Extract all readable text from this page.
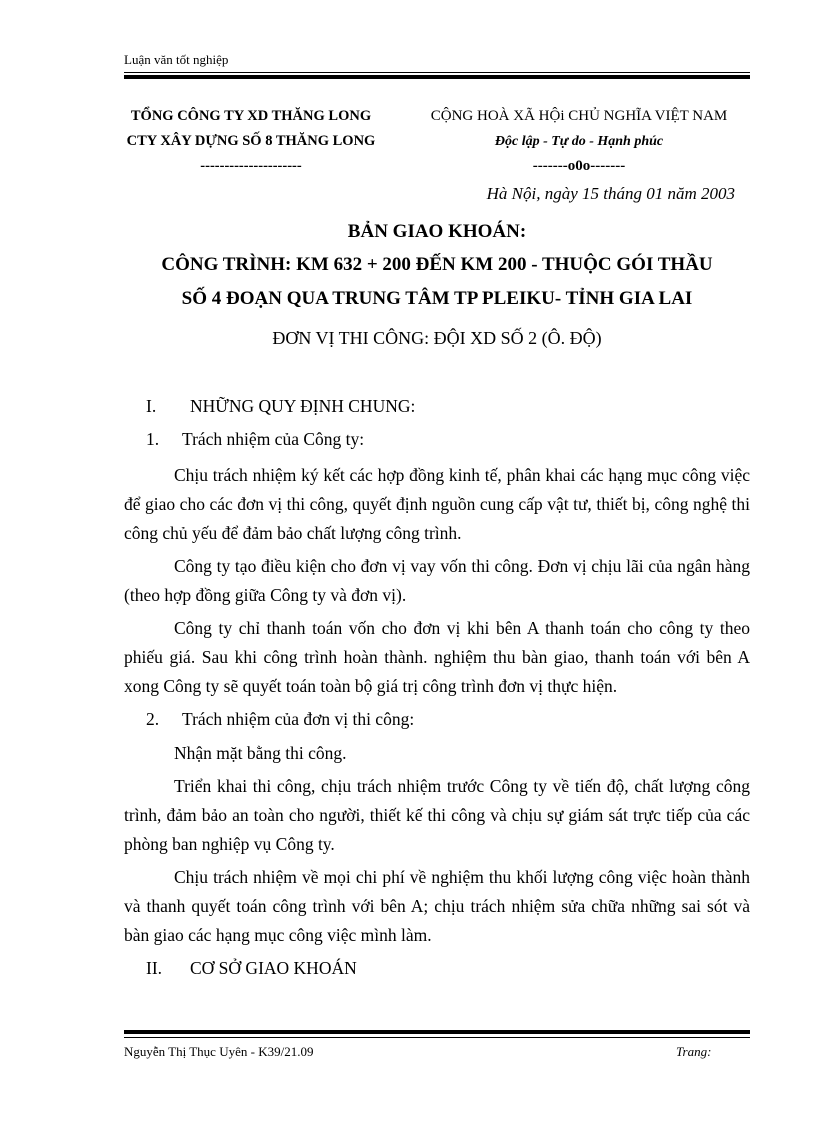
Luận văn tốt nghiệp
TỔNG CÔNG TY XD THĂNG LONG
CTY XÂY DỰNG SỐ 8 THĂNG LONG
---------------------
CỘNG HOÀ XÃ HỘi CHỦ NGHĨA VIỆT NAM
Độc lập - Tự do - Hạnh phúc
-------o0o-------
Hà Nội, ngày 15 tháng 01 năm 2003
BẢN GIAO KHOÁN:
CÔNG TRÌNH: KM 632 + 200 ĐẾN KM 200 - THUỘC GÓI THẦU
SỐ 4 ĐOẠN QUA TRUNG TÂM TP PLEIKU- TỈNH GIA LAI
ĐƠN VỊ THI CÔNG: ĐỘI XD SỐ 2 (Ô. ĐỘ)

I. NHỮNG QUY ĐỊNH CHUNG:

1. Trách nhiệm của Công ty:

Chịu trách nhiệm ký kết các hợp đồng kinh tế, phân khai các hạng mục công việc để giao cho các đơn vị thi công, quyết định nguồn cung cấp vật tư, thiết bị, công nghệ thi công chủ yếu để đảm bảo chất lượng công trình.

Công ty tạo điều kiện cho đơn vị vay vốn thi công. Đơn vị chịu lãi của ngân hàng (theo hợp đồng giữa Công ty và đơn vị).

Công ty chỉ thanh toán vốn cho đơn vị khi bên A thanh toán cho công ty theo phiếu giá. Sau khi công trình hoàn thành. nghiệm thu bàn giao, thanh toán với bên A xong Công ty sẽ quyết toán toàn bộ giá trị công trình đơn vị thực hiện.

2. Trách nhiệm của đơn vị thi công:

Nhận mặt bằng thi công.

Triển khai thi công, chịu trách nhiệm trước Công ty về tiến độ, chất lượng công trình, đảm bảo an toàn cho người, thiết kế thi công và chịu sự giám sát trực tiếp của các phòng ban nghiệp vụ Công ty.

Chịu trách nhiệm về mọi chi phí về nghiệm thu khối lượng công việc hoàn thành và thanh quyết toán công trình với bên A; chịu trách nhiệm sửa chữa những sai sót và bàn giao các hạng mục công việc mình làm.

II. CƠ SỞ GIAO KHOÁN

Nguyễn Thị Thục Uyên - K39/21.09	Trang:
